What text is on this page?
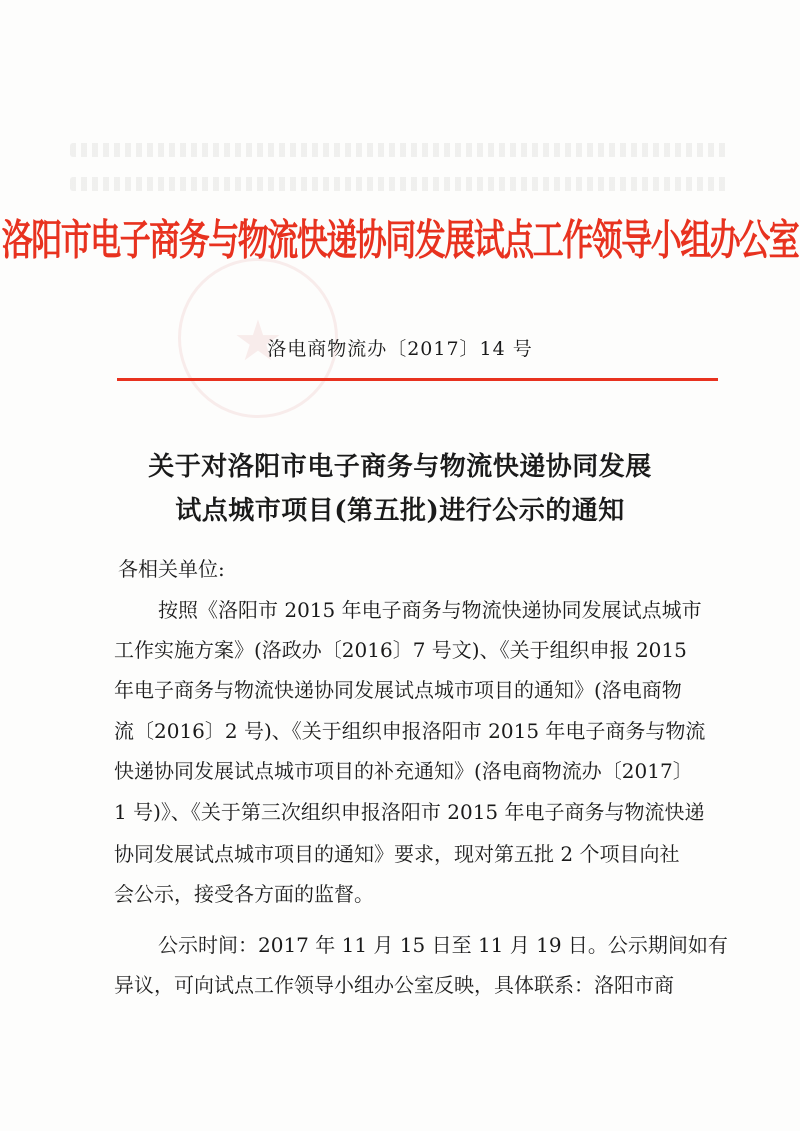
★
洛阳市电子商务与物流快递协同发展试点工作领导小组办公室
洛电商物流办〔2017〕14 号
关于对洛阳市电子商务与物流快递协同发展
试点城市项目(第五批)进行公示的通知
各相关单位:
按照《洛阳市 2015 年电子商务与物流快递协同发展试点城市
工作实施方案》(洛政办〔2016〕7 号文)、《关于组织申报 2015
年电子商务与物流快递协同发展试点城市项目的通知》(洛电商物
流〔2016〕2 号)、《关于组织申报洛阳市 2015 年电子商务与物流
快递协同发展试点城市项目的补充通知》(洛电商物流办〔2017〕
1 号)》、《关于第三次组织申报洛阳市 2015 年电子商务与物流快递
协同发展试点城市项目的通知》要求，现对第五批 2 个项目向社
会公示，接受各方面的监督。
公示时间：2017 年 11 月 15 日至 11 月 19 日。公示期间如有
异议，可向试点工作领导小组办公室反映，具体联系：洛阳市商
